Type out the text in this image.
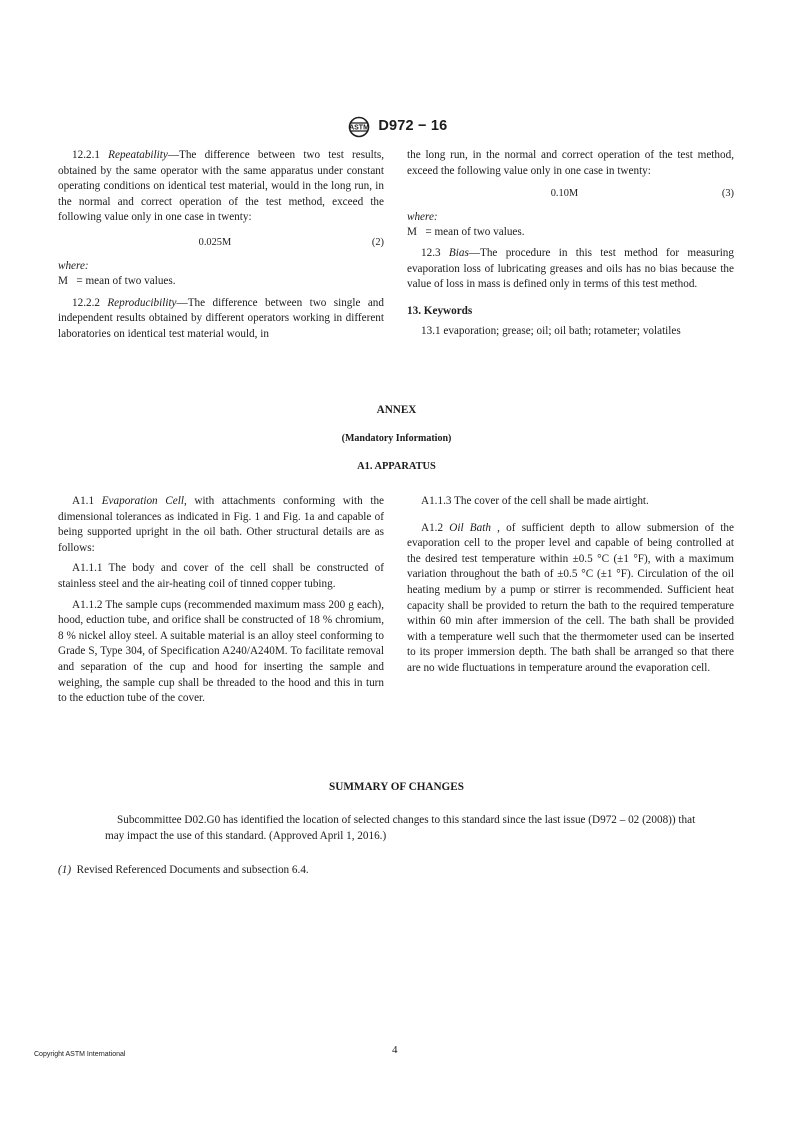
ASTM D972 − 16

12.2.1 Repeatability—The difference between two test results, obtained by the same operator with the same apparatus under constant operating conditions on identical test material, would in the long run, in the normal and correct operation of the test method, exceed the following value only in one case in twenty:

0.025M	(2)

where:

M = mean of two values.

12.2.2 Reproducibility—The difference between two single and independent results obtained by different operators working in different laboratories on identical test material would, in

the long run, in the normal and correct operation of the test method, exceed the following value only in one case in twenty:

0.10M	(3)

where:

M = mean of two values.

12.3 Bias—The procedure in this test method for measuring evaporation loss of lubricating greases and oils has no bias because the value of loss in mass is defined only in terms of this test method.

13. Keywords

13.1 evaporation; grease; oil; oil bath; rotameter; volatiles

ANNEX
(Mandatory Information)
A1. APPARATUS

A1.1 Evaporation Cell, with attachments conforming with the dimensional tolerances as indicated in Fig. 1 and Fig. 1a and capable of being supported upright in the oil bath. Other structural details are as follows:

A1.1.1 The body and cover of the cell shall be constructed of stainless steel and the air-heating coil of tinned copper tubing.

A1.1.2 The sample cups (recommended maximum mass 200 g each), hood, eduction tube, and orifice shall be constructed of 18 % chromium, 8 % nickel alloy steel. A suitable material is an alloy steel conforming to Grade S, Type 304, of Specification A240/A240M. To facilitate removal and separation of the cup and hood for inserting the sample and weighing, the sample cup shall be threaded to the hood and this in turn to the eduction tube of the cover.

A1.1.3 The cover of the cell shall be made airtight.

A1.2 Oil Bath , of sufficient depth to allow submersion of the evaporation cell to the proper level and capable of being controlled at the desired test temperature within ±0.5 °C (±1 °F), with a maximum variation throughout the bath of ±0.5 °C (±1 °F). Circulation of the oil heating medium by a pump or stirrer is recommended. Sufficient heat capacity shall be provided to return the bath to the required temperature within 60 min after immersion of the cell. The bath shall be provided with a temperature well such that the thermometer used can be inserted to its proper immersion depth. The bath shall be arranged so that there are no wide fluctuations in temperature around the evaporation cell.

SUMMARY OF CHANGES

Subcommittee D02.G0 has identified the location of selected changes to this standard since the last issue (D972 – 02 (2008)) that may impact the use of this standard. (Approved April 1, 2016.)

(1) Revised Referenced Documents and subsection 6.4.

Copyright ASTM International	4
